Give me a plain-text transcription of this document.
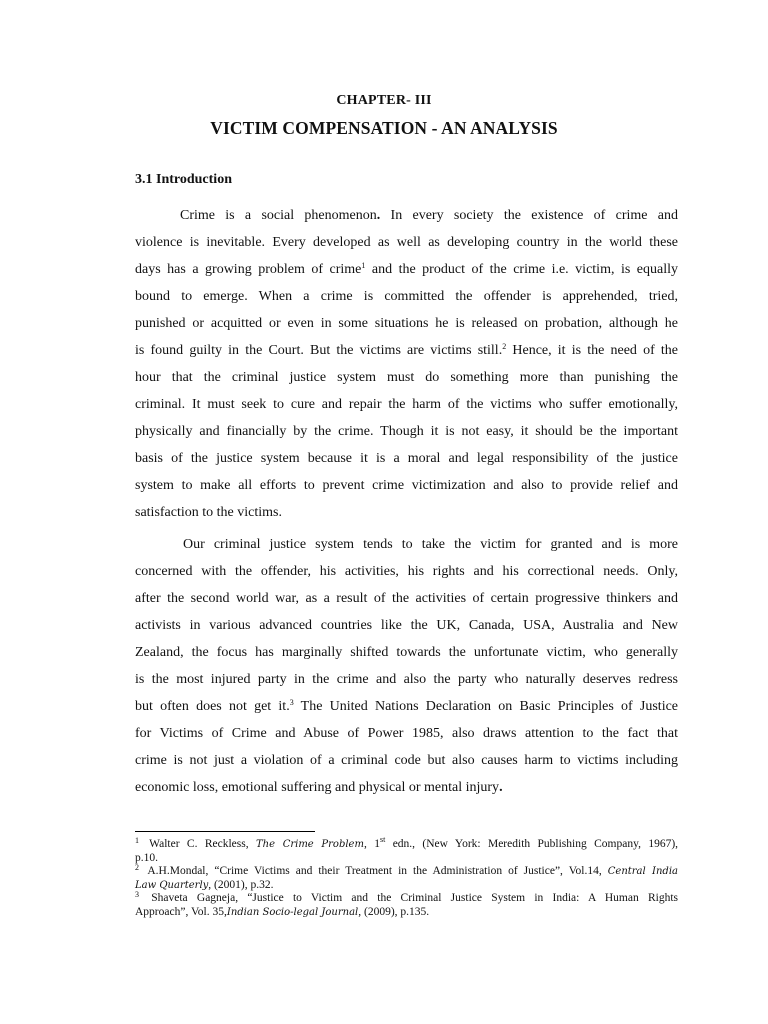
CHAPTER- III
VICTIM COMPENSATION - AN ANALYSIS
3.1 Introduction
Crime is a social phenomenon. In every society the existence of crime and
violence is inevitable. Every developed as well as developing country in the world these
days has a growing problem of crime$^1$ and the product of the crime i.e. victim, is equally
bound to emerge. When a crime is committed the offender is apprehended, tried,
punished or acquitted or even in some situations he is released on probation, although he
is found guilty in the Court. But the victims are victims still.$^2$ Hence, it is the need of the
hour that the criminal justice system must do something more than punishing the
criminal. It must seek to cure and repair the harm of the victims who suffer emotionally,
physically and financially by the crime. Though it is not easy, it should be the important
basis of the justice system because it is a moral and legal responsibility of the justice
system to make all efforts to prevent crime victimization and also to provide relief and
satisfaction to the victims.
Our criminal justice system tends to take the victim for granted and is more
concerned with the offender, his activities, his rights and his correctional needs. Only,
after the second world war, as a result of the activities of certain progressive thinkers and
activists in various advanced countries like the UK, Canada, USA, Australia and New
Zealand, the focus has marginally shifted towards the unfortunate victim, who generally
is the most injured party in the crime and also the party who naturally deserves redress
but often does not get it.$^3$ The United Nations Declaration on Basic Principles of Justice
for Victims of Crime and Abuse of Power 1985, also draws attention to the fact that
crime is not just a violation of a criminal code but also causes harm to victims including
economic loss, emotional suffering and physical or mental injury.
$^1$ Walter C. Reckless, The Crime Problem, 1st edn., (New York: Meredith Publishing Company, 1967),
p.10.
$^2$ A.H.Mondal, “Crime Victims and their Treatment in the Administration of Justice”, Vol.14, Central India
Law Quarterly, (2001), p.32.
$^3$ Shaveta Gagneja, “Justice to Victim and the Criminal Justice System in India: A Human Rights
Approach”, Vol. 35,Indian Socio-legal Journal, (2009), p.135.
